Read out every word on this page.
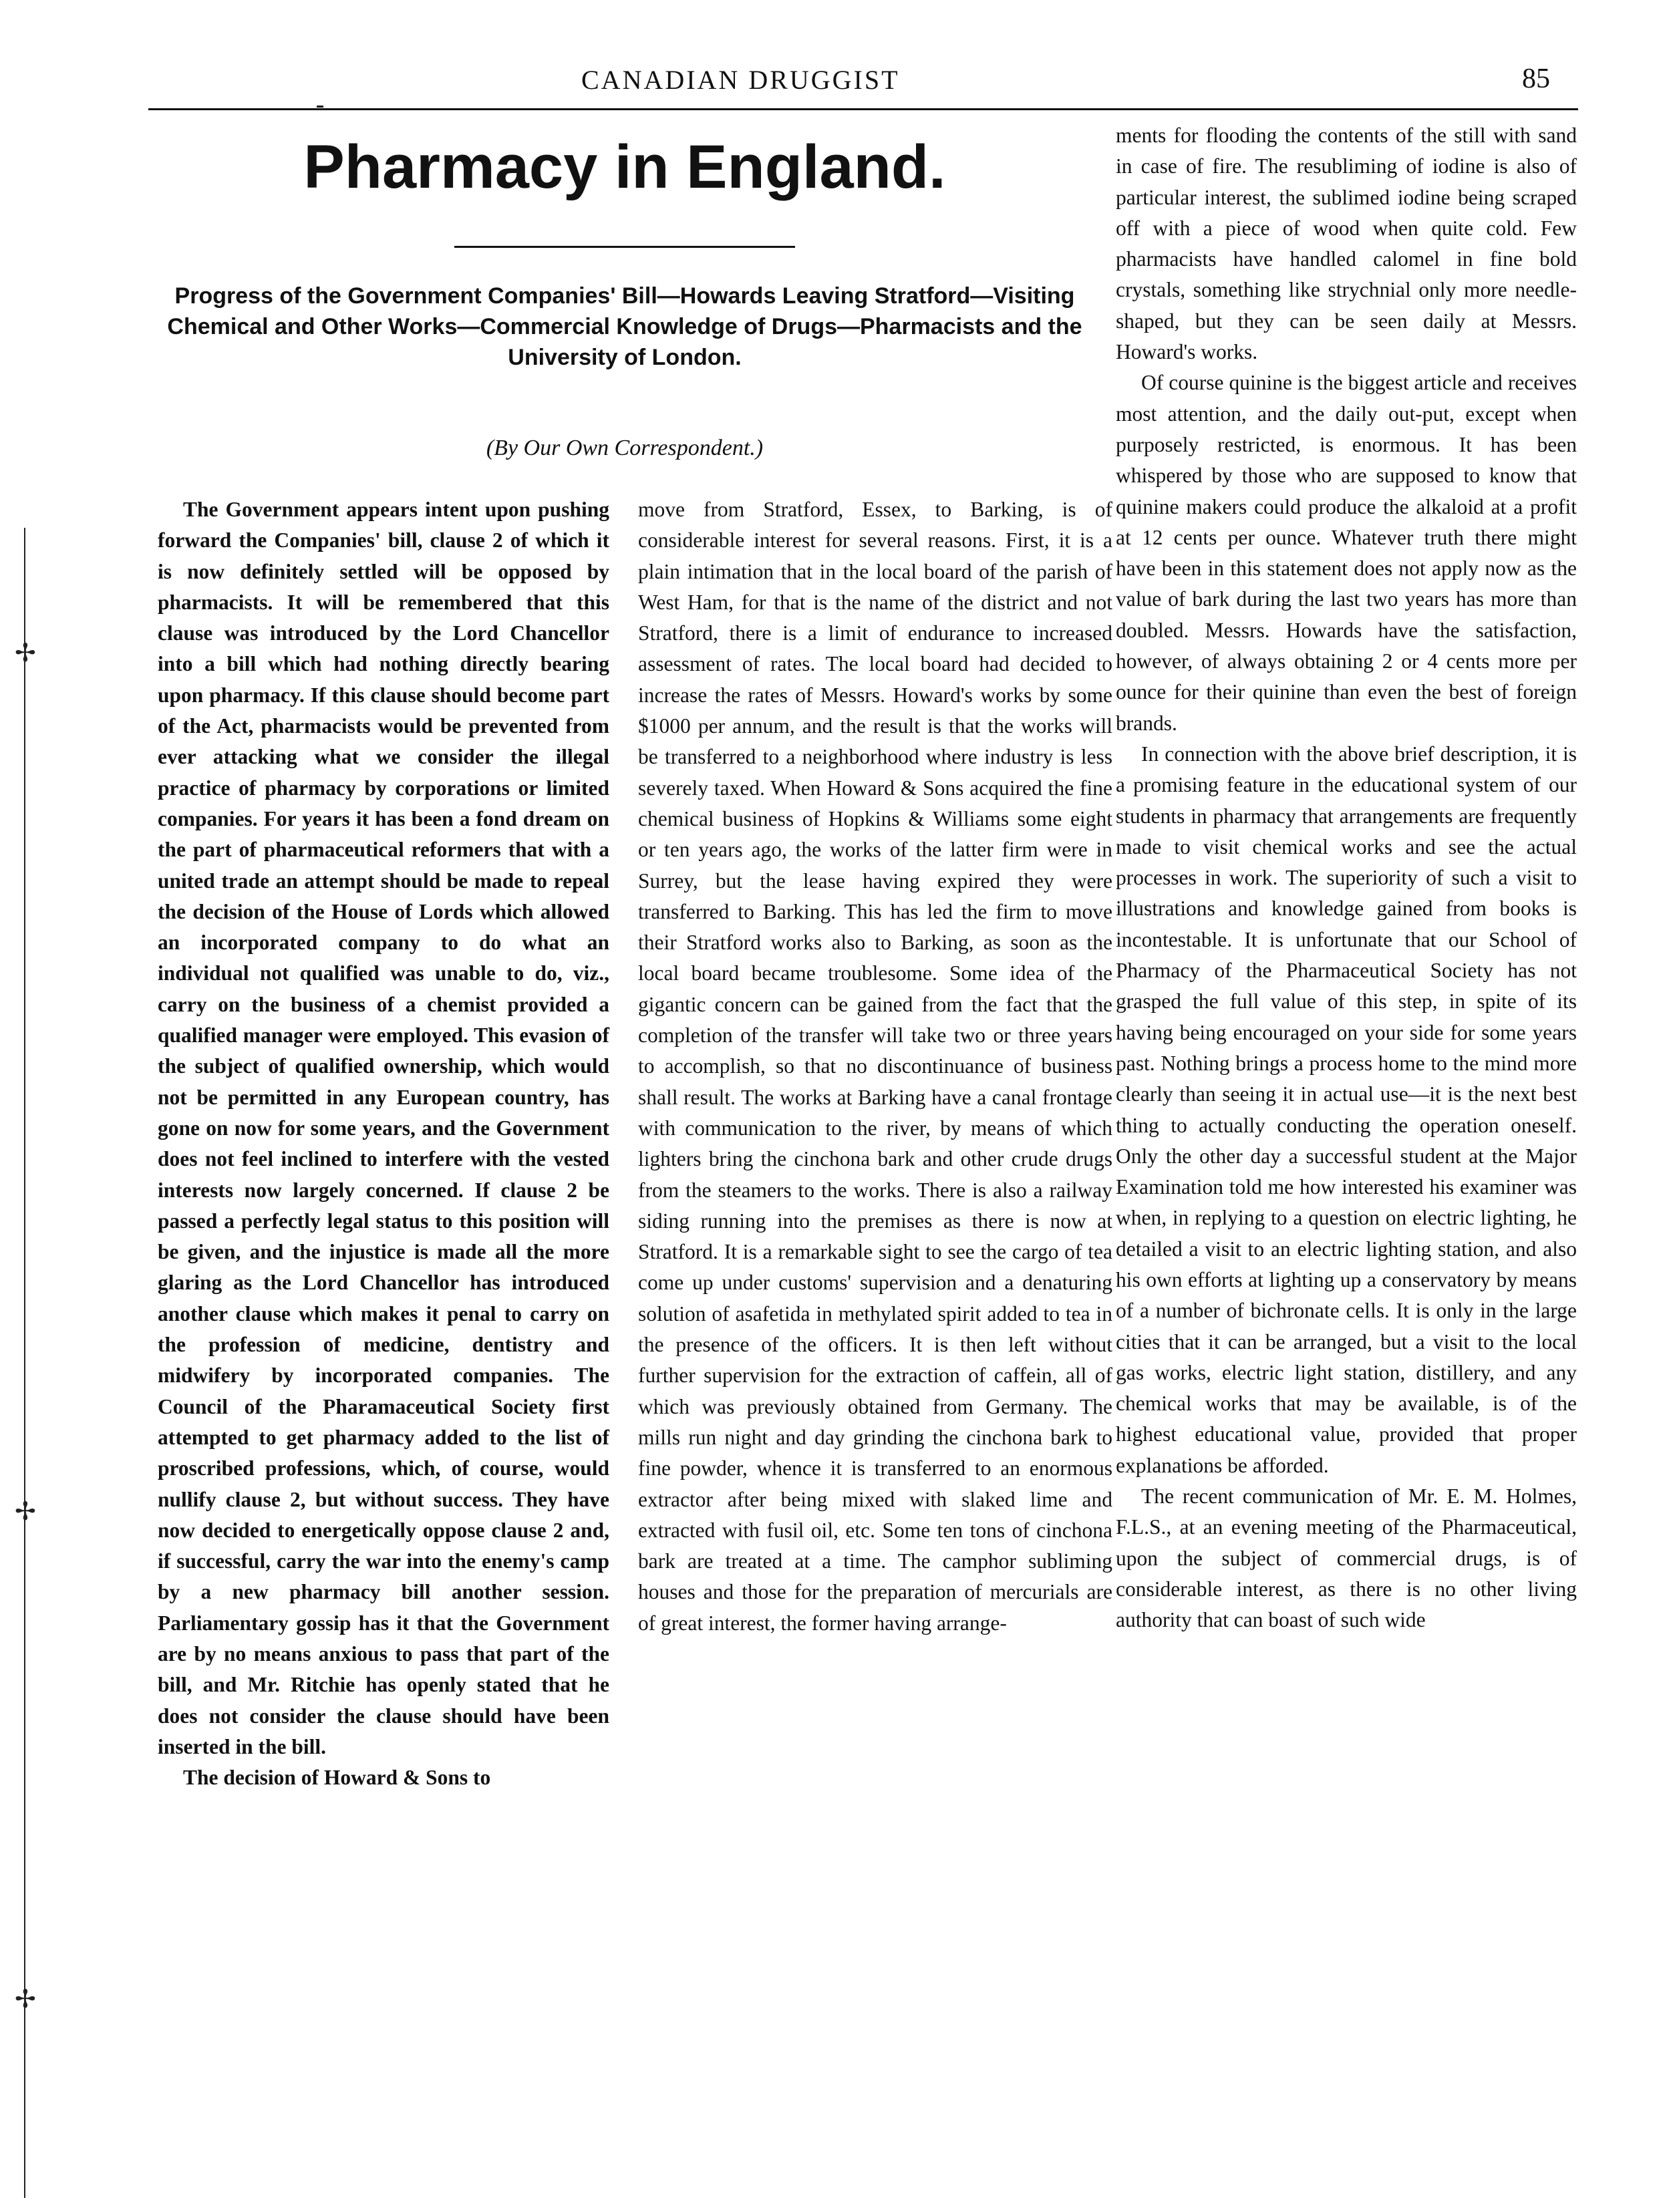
CANADIAN DRUGGIST	85
Pharmacy in England.
Progress of the Government Companies' Bill—Howards Leaving Stratford—Visiting Chemical and Other Works—Commercial Knowledge of Drugs—Pharmacists and the University of London.
(By Our Own Correspondent.)

The Government appears intent upon pushing forward the Companies' bill, clause 2 of which it is now definitely settled will be opposed by pharmacists. It will be remembered that this clause was introduced by the Lord Chancellor into a bill which had nothing directly bearing upon pharmacy. If this clause should become part of the Act, pharmacists would be prevented from ever attacking what we consider the illegal practice of pharmacy by corporations or limited companies. For years it has been a fond dream on the part of pharmaceutical reformers that with a united trade an attempt should be made to repeal the decision of the House of Lords which allowed an incorporated company to do what an individual not qualified was unable to do, viz., carry on the business of a chemist provided a qualified manager were employed. This evasion of the subject of qualified ownership, which would not be permitted in any European country, has gone on now for some years, and the Government does not feel inclined to interfere with the vested interests now largely concerned. If clause 2 be passed a perfectly legal status to this position will be given, and the injustice is made all the more glaring as the Lord Chancellor has introduced another clause which makes it penal to carry on the profession of medicine, dentistry and midwifery by incorporated companies. The Council of the Pharamaceutical Society first attempted to get pharmacy added to the list of proscribed professions, which, of course, would nullify clause 2, but without success. They have now decided to energetically oppose clause 2 and, if successful, carry the war into the enemy's camp by a new pharmacy bill another session. Parliamentary gossip has it that the Government are by no means anxious to pass that part of the bill, and Mr. Ritchie has openly stated that he does not consider the clause should have been inserted in the bill.

The decision of Howard & Sons to

move from Stratford, Essex, to Barking, is of considerable interest for several reasons. First, it is a plain intimation that in the local board of the parish of West Ham, for that is the name of the district and not Stratford, there is a limit of endurance to increased assessment of rates. The local board had decided to increase the rates of Messrs. Howard's works by some $1000 per annum, and the result is that the works will be transferred to a neighborhood where industry is less severely taxed. When Howard & Sons acquired the fine chemical business of Hopkins & Williams some eight or ten years ago, the works of the latter firm were in Surrey, but the lease having expired they were transferred to Barking. This has led the firm to move their Stratford works also to Barking, as soon as the local board became troublesome. Some idea of the gigantic concern can be gained from the fact that the completion of the transfer will take two or three years to accomplish, so that no discontinuance of business shall result. The works at Barking have a canal frontage with communication to the river, by means of which lighters bring the cinchona bark and other crude drugs from the steamers to the works. There is also a railway siding running into the premises as there is now at Stratford. It is a remarkable sight to see the cargo of tea come up under customs' supervision and a denaturing solution of asafetida in methylated spirit added to tea in the presence of the officers. It is then left without further supervision for the extraction of caffein, all of which was previously obtained from Germany. The mills run night and day grinding the cinchona bark to fine powder, whence it is transferred to an enormous extractor after being mixed with slaked lime and extracted with fusil oil, etc. Some ten tons of cinchona bark are treated at a time. The camphor subliming houses and those for the preparation of mercurials are of great interest, the former having arrange-

ments for flooding the contents of the still with sand in case of fire. The resubliming of iodine is also of particular interest, the sublimed iodine being scraped off with a piece of wood when quite cold. Few pharmacists have handled calomel in fine bold crystals, something like strychnial only more needle-shaped, but they can be seen daily at Messrs. Howard's works.

Of course quinine is the biggest article and receives most attention, and the daily out-put, except when purposely restricted, is enormous. It has been whispered by those who are supposed to know that quinine makers could produce the alkaloid at a profit at 12 cents per ounce. Whatever truth there might have been in this statement does not apply now as the value of bark during the last two years has more than doubled. Messrs. Howards have the satisfaction, however, of always obtaining 2 or 4 cents more per ounce for their quinine than even the best of foreign brands.

In connection with the above brief description, it is a promising feature in the educational system of our students in pharmacy that arrangements are frequently made to visit chemical works and see the actual processes in work. The superiority of such a visit to illustrations and knowledge gained from books is incontestable. It is unfortunate that our School of Pharmacy of the Pharmaceutical Society has not grasped the full value of this step, in spite of its having being encouraged on your side for some years past. Nothing brings a process home to the mind more clearly than seeing it in actual use—it is the next best thing to actually conducting the operation oneself. Only the other day a successful student at the Major Examination told me how interested his examiner was when, in replying to a question on electric lighting, he detailed a visit to an electric lighting station, and also his own efforts at lighting up a conservatory by means of a number of bichronate cells. It is only in the large cities that it can be arranged, but a visit to the local gas works, electric light station, distillery, and any chemical works that may be available, is of the highest educational value, provided that proper explanations be afforded.

The recent communication of Mr. E. M. Holmes, F.L.S., at an evening meeting of the Pharmaceutical, upon the subject of commercial drugs, is of considerable interest, as there is no other living authority that can boast of such wide

✢
✢
✢
